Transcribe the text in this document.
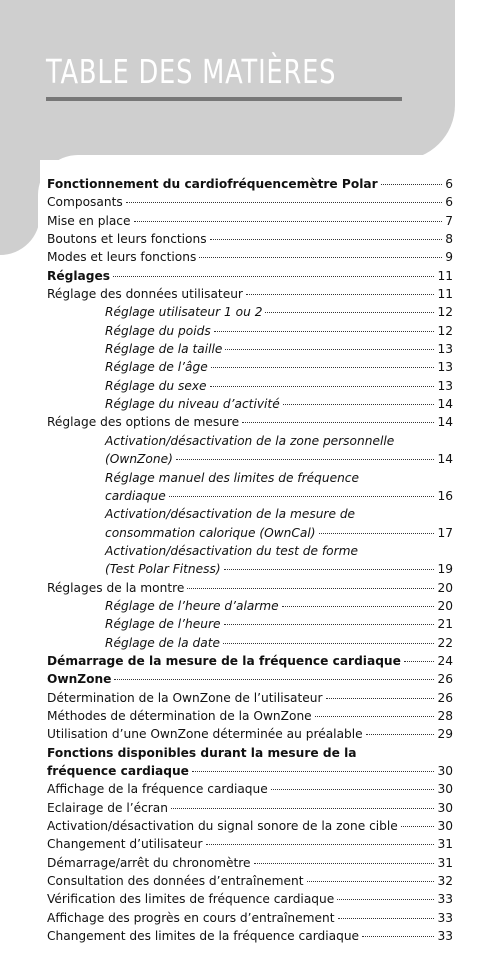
TABLE DES MATIÈRES
Fonctionnement du cardiofréquencemètre Polar	6
Composants	6
Mise en place	7
Boutons et leurs fonctions	8
Modes et leurs fonctions	9
Réglages	11
Réglage des données utilisateur	11
Réglage utilisateur 1 ou 2	12
Réglage du poids	12
Réglage de la taille	13
Réglage de l’âge	13
Réglage du sexe	13
Réglage du niveau d’activité	14
Réglage des options de mesure	14
Activation/désactivation de la zone personnelle
(OwnZone)	14
Réglage manuel des limites de fréquence
cardiaque	16
Activation/désactivation de la mesure de
consommation calorique (OwnCal)	17
Activation/désactivation du test de forme
(Test Polar Fitness)	19
Réglages de la montre	20
Réglage de l’heure d’alarme	20
Réglage de l’heure	21
Réglage de la date	22
Démarrage de la mesure de la fréquence cardiaque	24
OwnZone	26
Détermination de la OwnZone de l’utilisateur	26
Méthodes de détermination de la OwnZone	28
Utilisation d’une OwnZone déterminée au préalable	29
Fonctions disponibles durant la mesure de la
fréquence cardiaque	30
Affichage de la fréquence cardiaque	30
Eclairage de l’écran	30
Activation/désactivation du signal sonore de la zone cible	30
Changement d’utilisateur	31
Démarrage/arrêt du chronomètre	31
Consultation des données d’entraînement	32
Vérification des limites de fréquence cardiaque	33
Affichage des progrès en cours d’entraînement	33
Changement des limites de la fréquence cardiaque	33
